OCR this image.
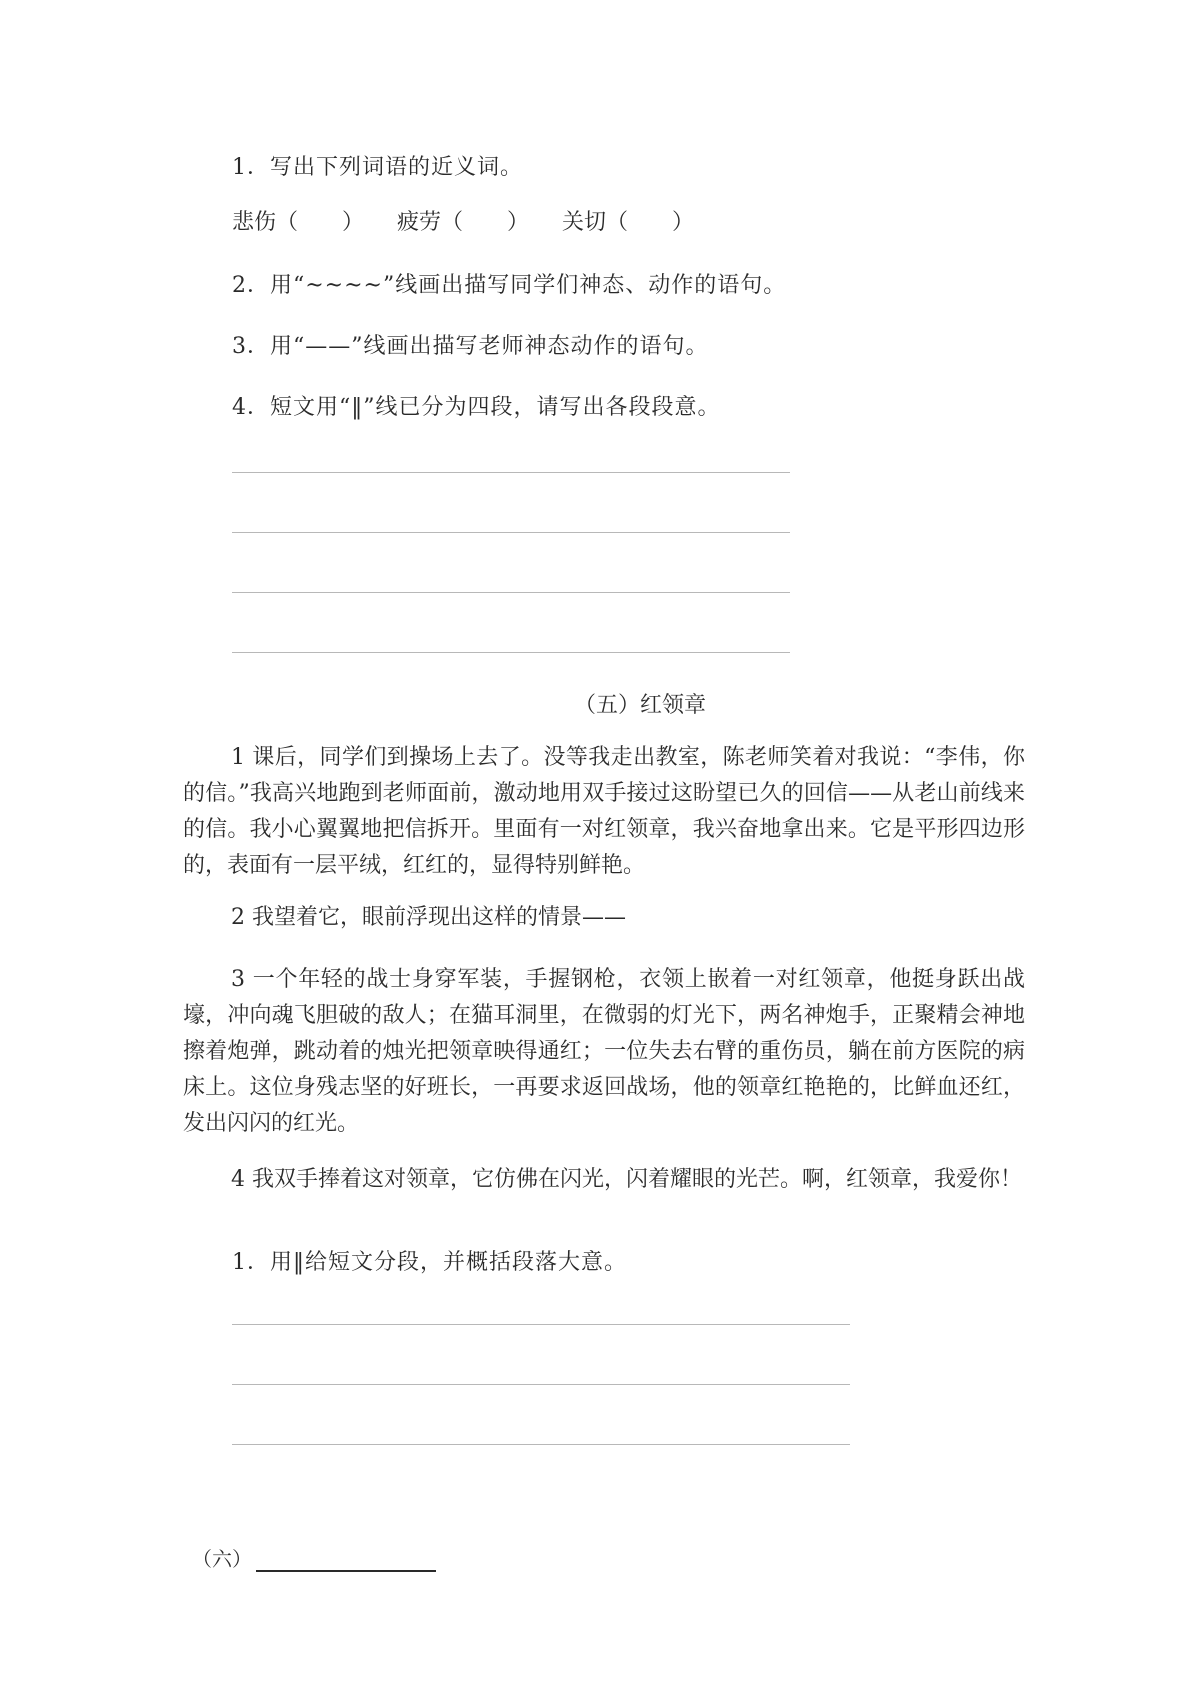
1．写出下列词语的近义词。
悲伤（　　） 疲劳（　　） 关切（　　）
2．用“~~~~”线画出描写同学们神态、动作的语句。
3．用“——”线画出描写老师神态动作的语句。
4．短文用“‖”线已分为四段，请写出各段段意。
（五）红领章

1 课后，同学们到操场上去了。没等我走出教室，陈老师笑着对我说：“李伟，你的信。”我高兴地跑到老师面前，激动地用双手接过这盼望已久的回信——从老山前线来的信。我小心翼翼地把信拆开。里面有一对红领章，我兴奋地拿出来。它是平形四边形的，表面有一层平绒，红红的，显得特别鲜艳。

2 我望着它，眼前浮现出这样的情景——

3 一个年轻的战士身穿军装，手握钢枪，衣领上嵌着一对红领章，他挺身跃出战壕，冲向魂飞胆破的敌人；在猫耳洞里，在微弱的灯光下，两名神炮手，正聚精会神地擦着炮弹，跳动着的烛光把领章映得通红；一位失去右臂的重伤员，躺在前方医院的病床上。这位身残志坚的好班长，一再要求返回战场，他的领章红艳艳的，比鲜血还红，发出闪闪的红光。

4 我双手捧着这对领章，它仿佛在闪光，闪着耀眼的光芒。啊，红领章，我爱你！

1．用‖给短文分段，并概括段落大意。
（六）
